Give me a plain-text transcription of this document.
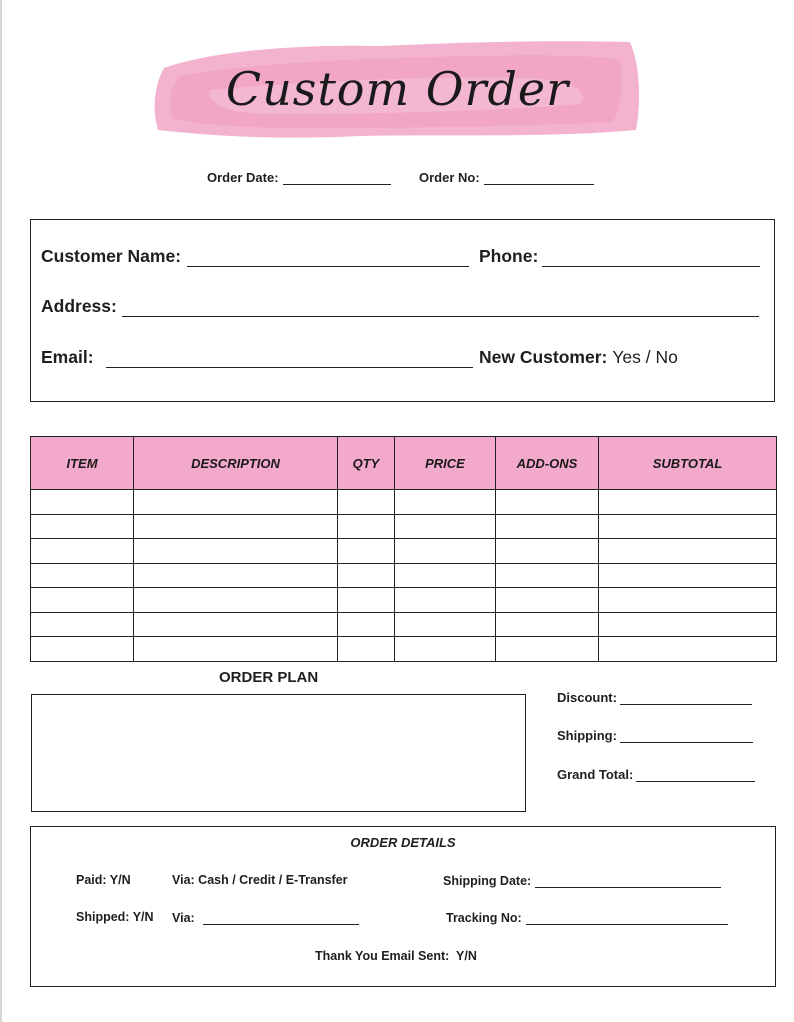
Custom Order
Order Date:	Order No:
Customer Name:	Phone:
Address:
Email:	New Customer: Yes / No
ITEM	DESCRIPTION	QTY	PRICE	ADD-ONS	SUBTOTAL

ORDER PLAN
Discount:
Shipping:
Grand Total:
ORDER DETAILS
Paid: Y/N	Via: Cash / Credit / E-Transfer	Shipping Date:
Shipped: Y/N Via:	Tracking No:
Thank You Email Sent:  Y/N
